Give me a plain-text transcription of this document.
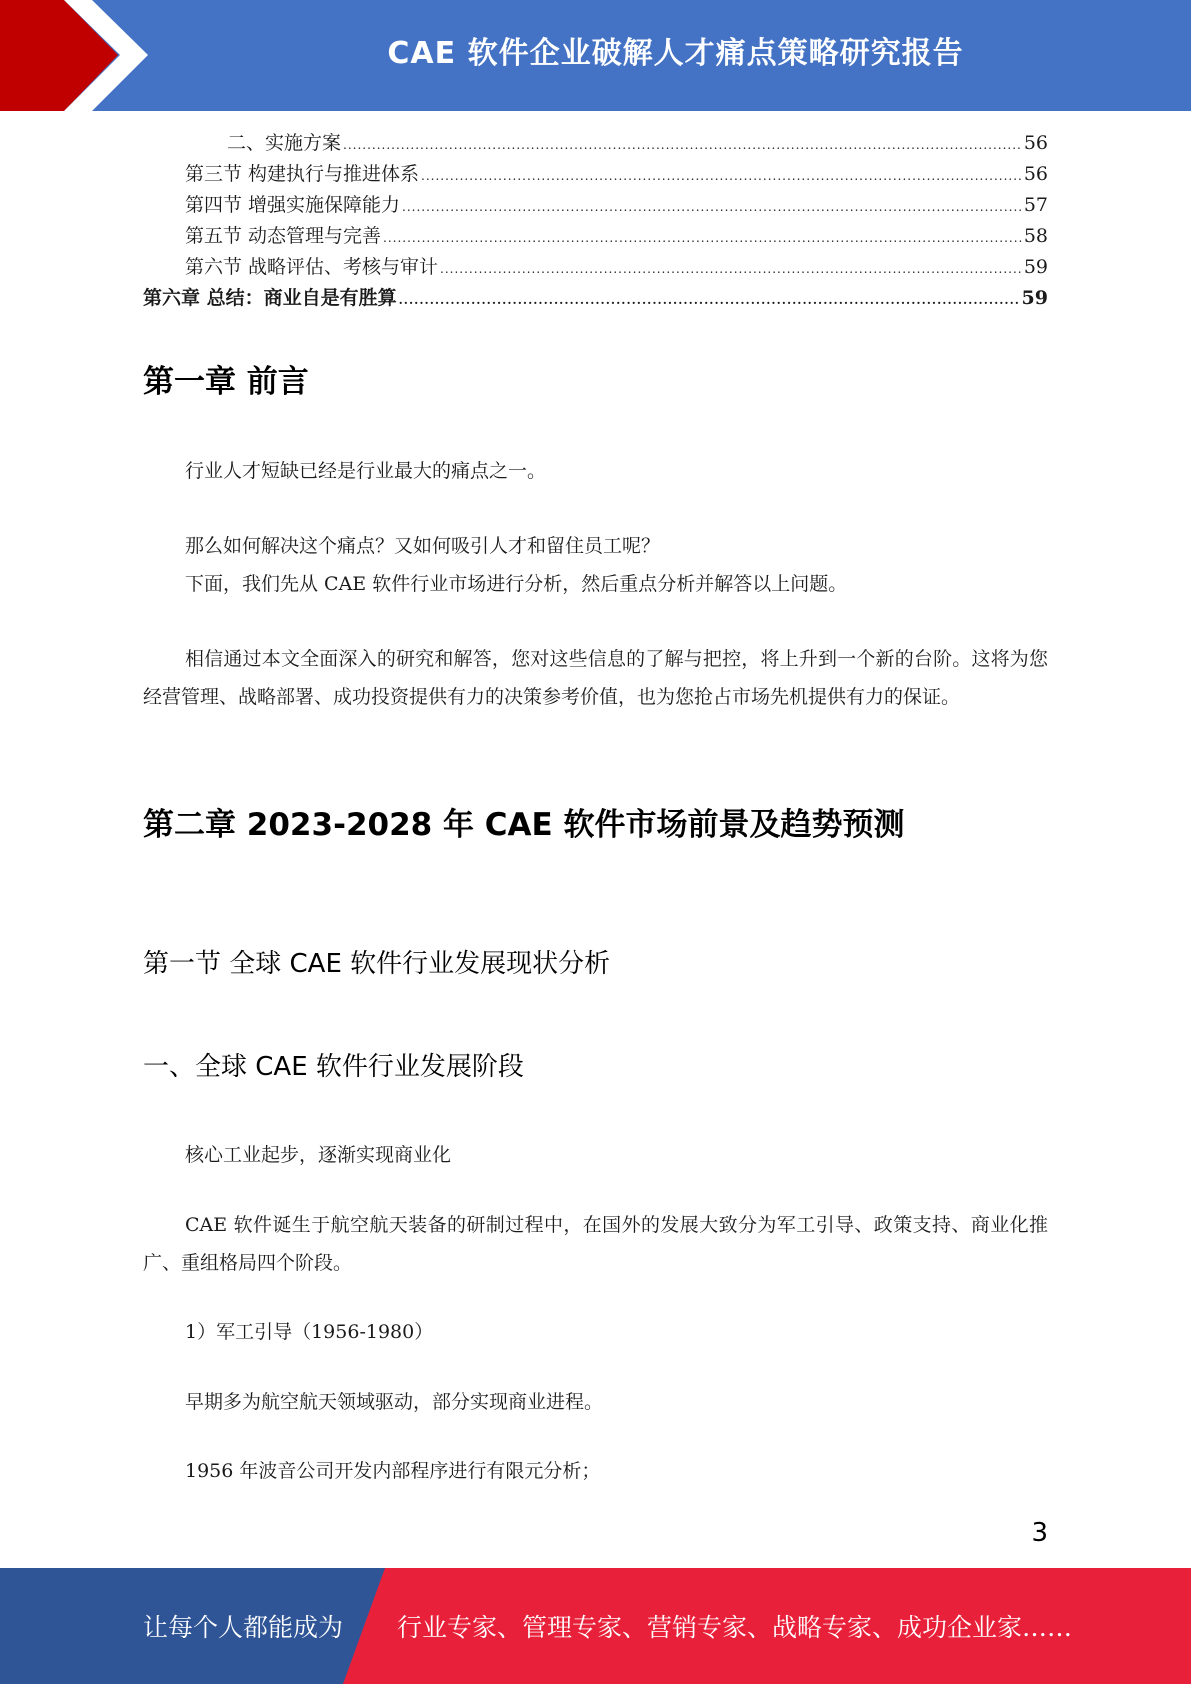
CAE 软件企业破解人才痛点策略研究报告
二、实施方案 .....	56
第三节 构建执行与推进体系 .....	56
第四节 增强实施保障能力 .....	57
第五节 动态管理与完善 .....	58
第六节 战略评估、考核与审计 .....	59
第六章 总结：商业自是有胜算 .....	59
第一章 前言
行业人才短缺已经是行业最大的痛点之一。
那么如何解决这个痛点？又如何吸引人才和留住员工呢？
下面，我们先从 CAE 软件行业市场进行分析，然后重点分析并解答以上问题。
相信通过本文全面深入的研究和解答，您对这些信息的了解与把控，将上升到一个新的台阶。这将为您经营管理、战略部署、成功投资提供有力的决策参考价值，也为您抢占市场先机提供有力的保证。
第二章 2023-2028 年 CAE 软件市场前景及趋势预测
第一节 全球 CAE 软件行业发展现状分析
一、全球 CAE 软件行业发展阶段
核心工业起步，逐渐实现商业化
CAE 软件诞生于航空航天装备的研制过程中，在国外的发展大致分为军工引导、政策支持、商业化推广、重组格局四个阶段。
1）军工引导（1956-1980）
早期多为航空航天领域驱动，部分实现商业进程。
1956 年波音公司开发内部程序进行有限元分析；
3
让每个人都能成为 行业专家、管理专家、营销专家、战略专家、成功企业家……
